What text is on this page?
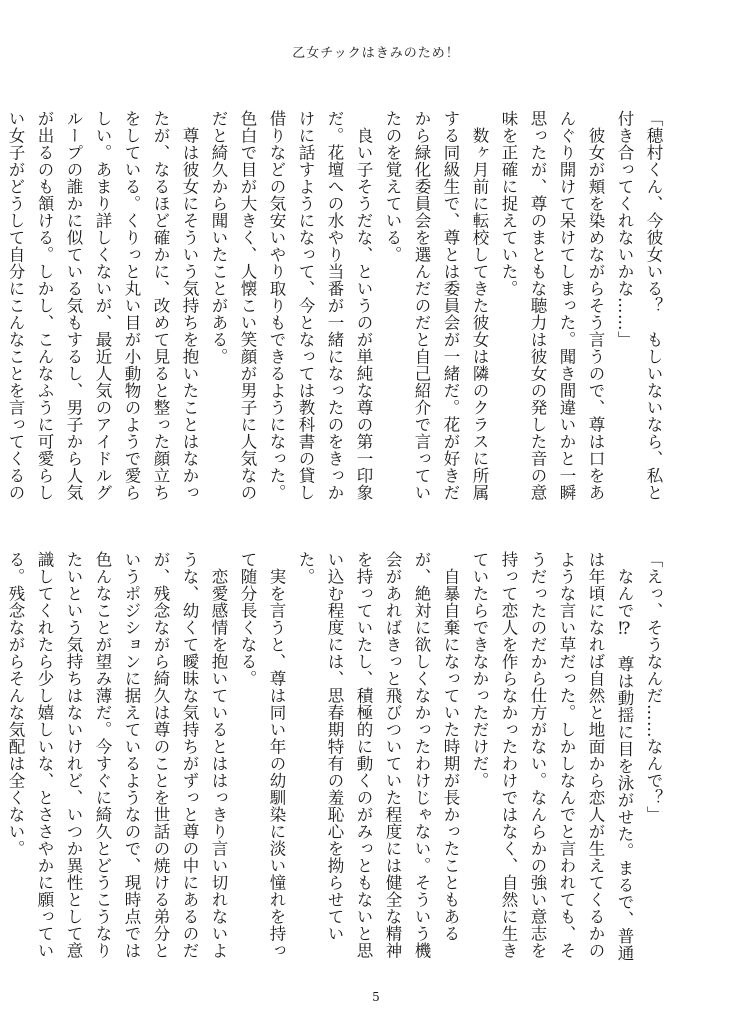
乙女チックはきみのため！

「穂村くん、今彼女いる？　もしいないなら、私と付き合ってくれないかな……」

　彼女が頬を染めながらそう言うので、尊は口をあんぐり開けて呆けてしまった。聞き間違いかと一瞬思ったが、尊のまともな聴力は彼女の発した音の意味を正確に捉えていた。

　数ヶ月前に転校してきた彼女は隣のクラスに所属する同級生で、尊とは委員会が一緒だ。花が好きだから緑化委員会を選んだのだと自己紹介で言っていたのを覚えている。

　良い子そうだな、というのが単純な尊の第一印象だ。花壇への水やり当番が一緒になったのをきっかけに話すようになって、今となっては教科書の貸し借りなどの気安いやり取りもできるようになった。色白で目が大きく、人懐こい笑顔が男子に人気なのだと綺久から聞いたことがある。

　尊は彼女にそういう気持ちを抱いたことはなかったが、なるほど確かに、改めて見ると整った顔立ちをしている。くりっと丸い目が小動物のようで愛らしい。あまり詳しくないが、最近人気のアイドルグループの誰かに似ている気もするし、男子から人気が出るのも頷ける。しかし、こんなふうに可愛らしい女子がどうして自分にこんなことを言ってくるの

「えっ、そうなんだ……なんで？」

　なんで⁉　尊は動揺に目を泳がせた。まるで、普通は年頃になれば自然と地面から恋人が生えてくるかのような言い草だった。しかしなんでと言われても、そうだったのだから仕方がない。なんらかの強い意志を持って恋人を作らなかったわけではなく、自然に生きていたらできなかっただけだ。

　自暴自棄になっていた時期が長かったこともあるが、絶対に欲しくなかったわけじゃない。そういう機会があればきっと飛びついていた程度には健全な精神を持っていたし、積極的に動くのがみっともないと思い込む程度には、思春期特有の羞恥心を拗らせていた。

　実を言うと、尊は同い年の幼馴染に淡い憧れを持って随分長くなる。

　恋愛感情を抱いているとははっきり言い切れないような、幼くて曖昧な気持ちがずっと尊の中にあるのだが、残念ながら綺久は尊のことを世話の焼ける弟分というポジションに据えているようなので、現時点では色んなことが望み薄だ。今すぐに綺久とどうこうなりたいという気持ちはないけれど、いつか異性として意識してくれたら少し嬉しいな、とささやかに願っている。残念ながらそんな気配は全くない。

5
